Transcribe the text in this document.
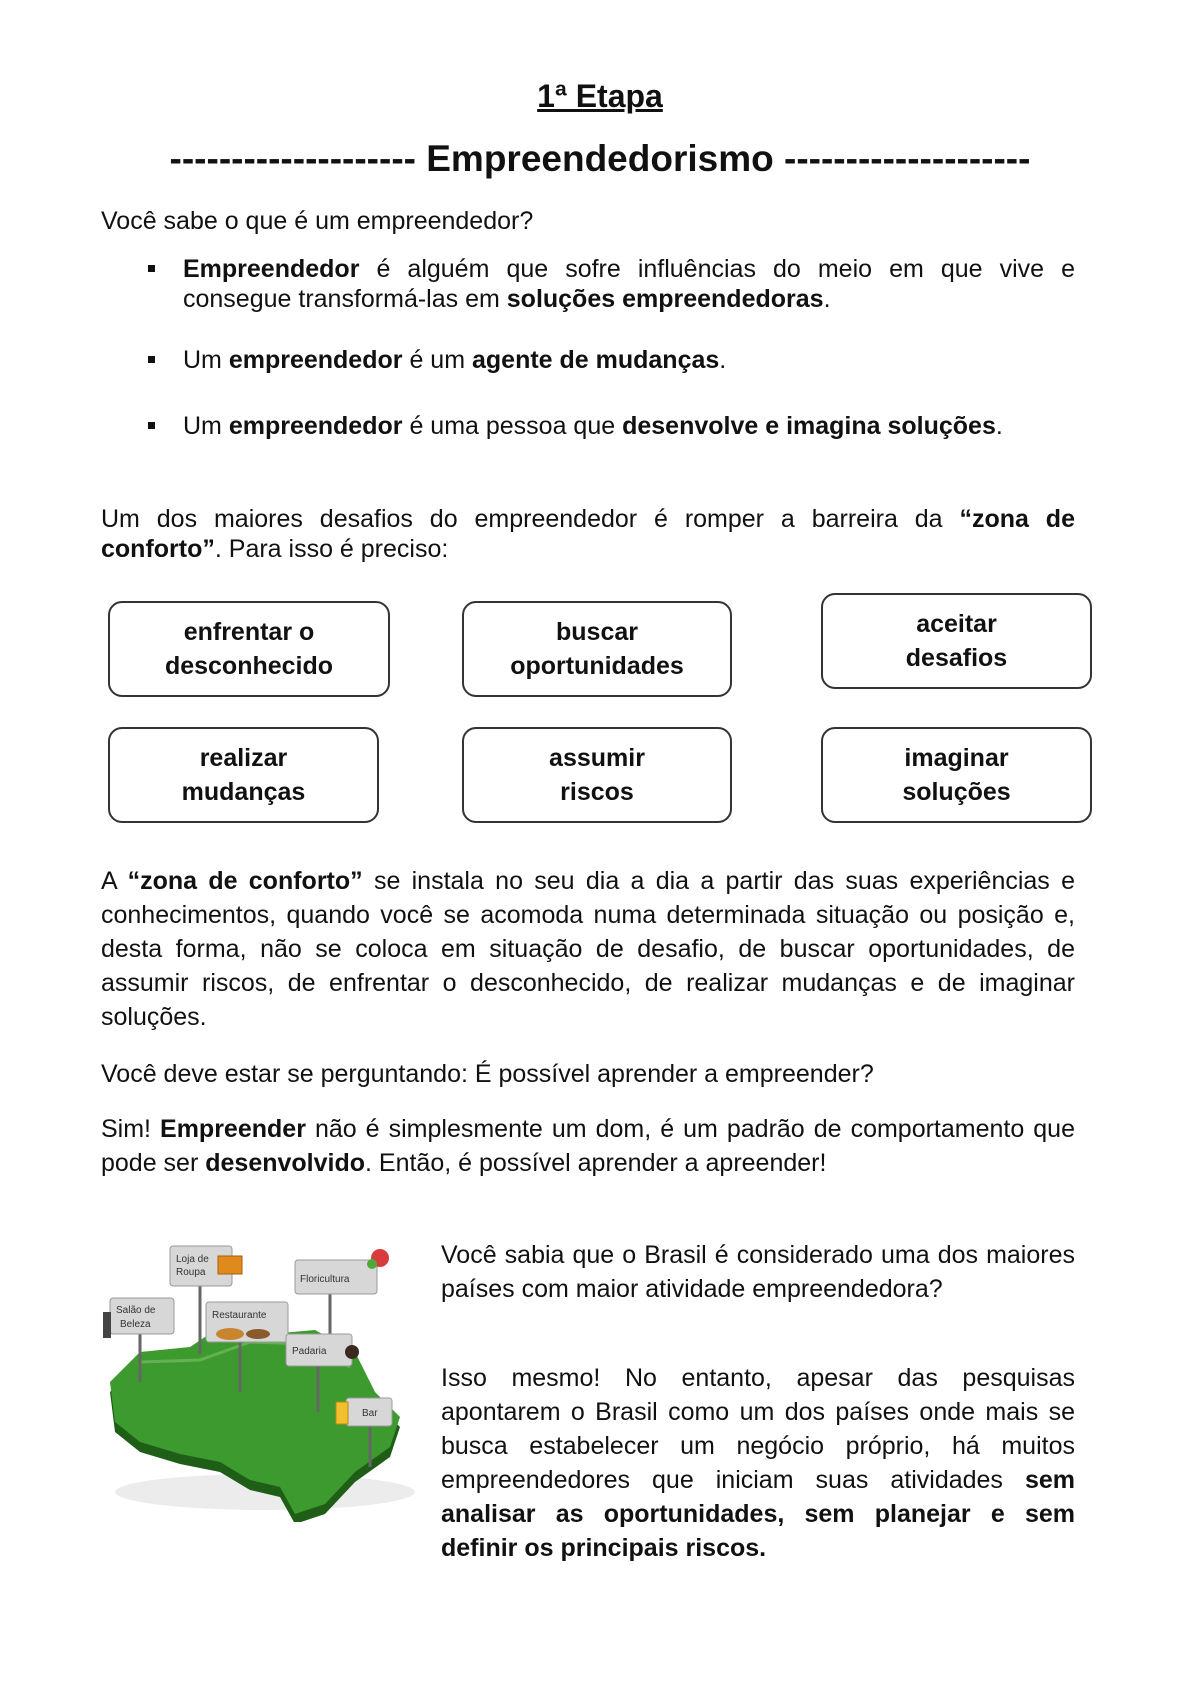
1ª Etapa
-------------------- Empreendedorismo --------------------
Você sabe o que é um empreendedor?
Empreendedor é alguém que sofre influências do meio em que vive e consegue transformá-las em soluções empreendedoras.
Um empreendedor é um agente de mudanças.
Um empreendedor é uma pessoa que desenvolve e imagina soluções.
Um dos maiores desafios do empreendedor é romper a barreira da “zona de conforto”. Para isso é preciso:
enfrentar o
desconhecido
buscar
oportunidades
aceitar
desafios
realizar
mudanças
assumir
riscos
imaginar
soluções
A “zona de conforto” se instala no seu dia a dia a partir das suas experiências e conhecimentos, quando você se acomoda numa determinada situação ou posição e, desta forma, não se coloca em situação de desafio, de buscar oportunidades, de assumir riscos, de enfrentar o desconhecido, de realizar mudanças e de imaginar soluções.
Você deve estar se perguntando: É possível aprender a empreender?
Sim! Empreender não é simplesmente um dom, é um padrão de comportamento que pode ser desenvolvido. Então, é possível aprender a apreender!
Você sabia que o Brasil é considerado uma dos maiores países com maior atividade empreendedora?
Isso mesmo! No entanto, apesar das pesquisas apontarem o Brasil como um dos países onde mais se busca estabelecer um negócio próprio, há muitos empreendedores que iniciam suas atividades sem analisar as oportunidades, sem planejar e sem definir os principais riscos.
Loja de
Roupa
Floricultura
Salão de
Beleza
Restaurante
Padaria
Bar
